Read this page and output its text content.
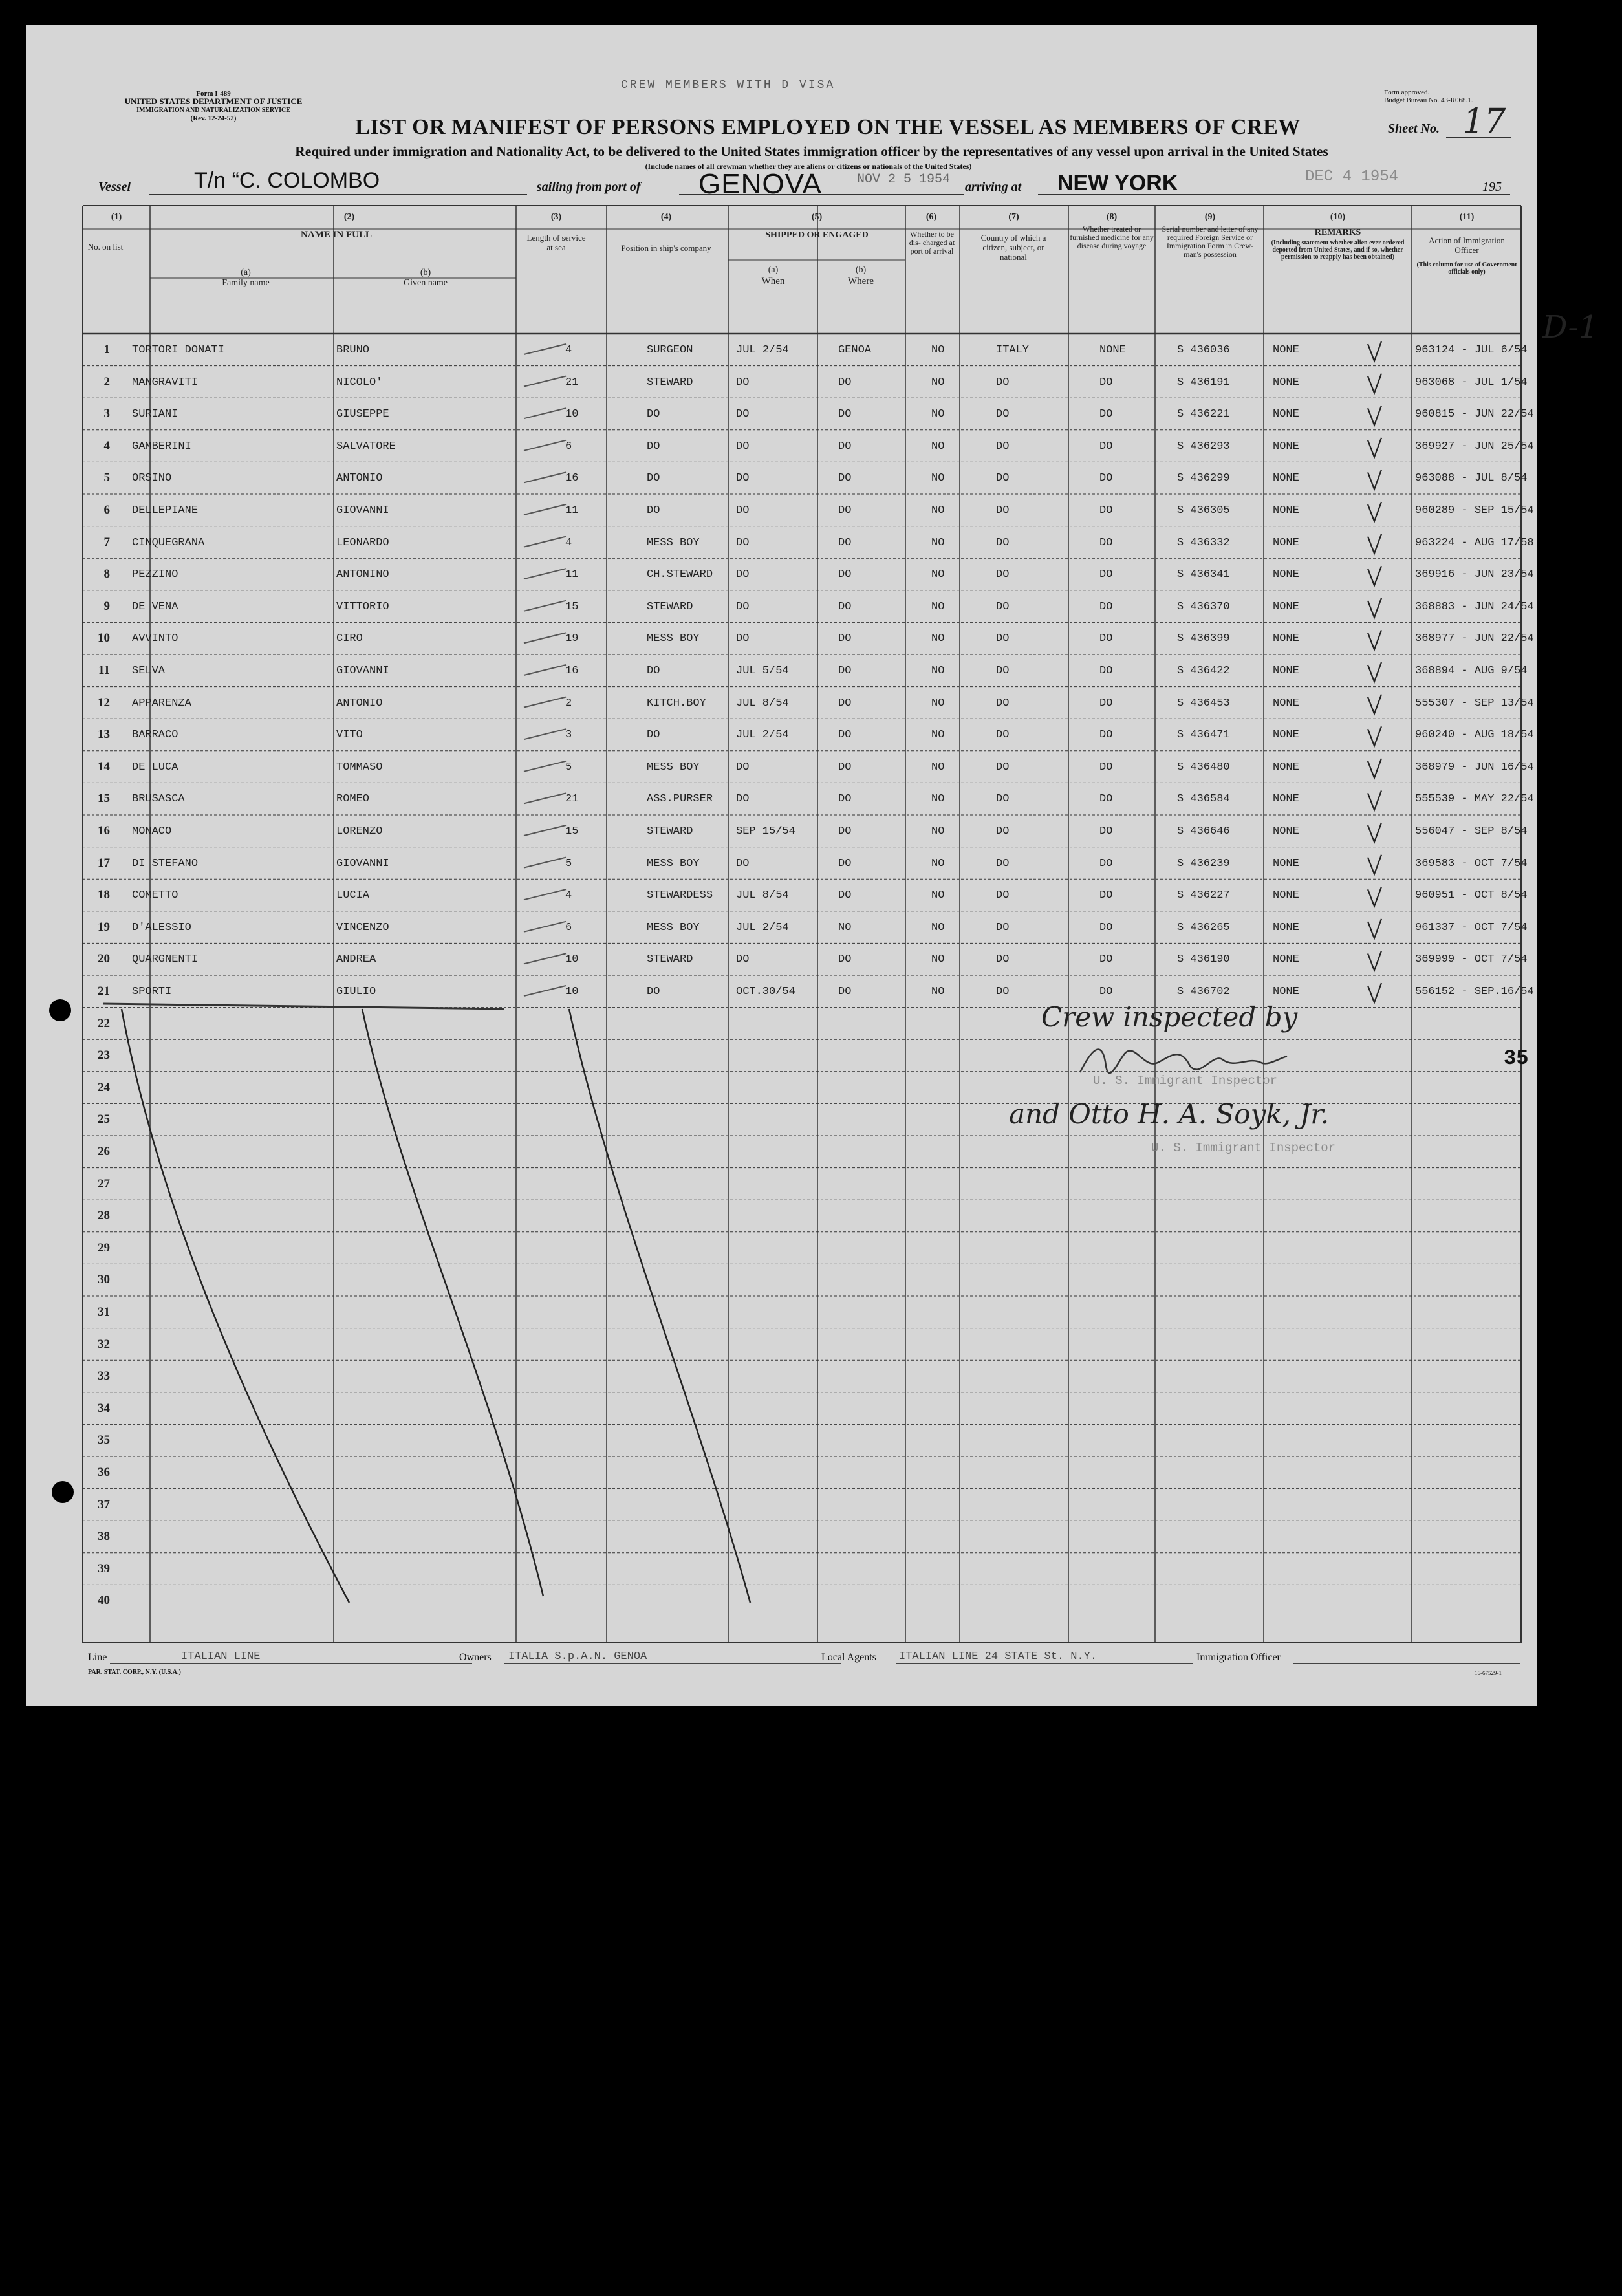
Form I-489
UNITED STATES DEPARTMENT OF JUSTICE
IMMIGRATION AND NATURALIZATION SERVICE
(Rev. 12-24-52)
Form approved.
Budget Bureau No. 43-R068.1.
CREW MEMBERS WITH D VISA
LIST OR MANIFEST OF PERSONS EMPLOYED ON THE VESSEL AS MEMBERS OF CREW	Sheet No. 17
Required under immigration and Nationality Act, to be delivered to the United States immigration officer by the representatives of any vessel upon arrival in the United States
(Include names of all crewman whether they are aliens or citizens or nationals of the United States)
Vessel	T/n “C. COLOMBO	sailing from port of GENOVA	NOV 2 5 1954 arriving at NEW YORK	DEC 4 1954
195
(1)	(2)	(3)	(4)	(5)	(6)	(7)	(8)	(9)	(10)	(11)
No. on list
NAME IN FULL
(a)
Family name
(b)
Given name
Length of service at sea	Position in ship's company
SHIPPED OR ENGAGED
(a)
When
(b)
Where
Whether to be dis- charged at port of arrival
Country of which a citizen, subject, or national
Whether treated or furnished medicine for any disease during voyage
Serial number and letter of any required Foreign Service or Immigration Form in Crew- man's possession
REMARKS
(Including statement whether alien ever ordered deported from United States, and if so, whether permission to reapply has been obtained)
Action of Immigration Officer
(This column for use of Government officials only)
1 TORTORI DONATI	BRUNO	4	SURGEON	JUL 2/54	GENOA	NO	ITALY	NONE	S 436036	NONE	963124 - JUL 6/54
2 MANGRAVITI	NICOLO'	21	STEWARD	DO	DO	NO	DO	DO	S 436191	NONE	963068 - JUL 1/54
3 SURIANI	GIUSEPPE	10	DO	DO	DO	NO	DO	DO	S 436221	NONE	960815 - JUN 22/54
4 GAMBERINI	SALVATORE	6	DO	DO	DO	NO	DO	DO	S 436293	NONE	369927 - JUN 25/54
5 ORSINO	ANTONIO	16	DO	DO	DO	NO	DO	DO	S 436299	NONE	963088 - JUL 8/54
6 DELLEPIANE	GIOVANNI	11	DO	DO	DO	NO	DO	DO	S 436305	NONE	960289 - SEP 15/54
7 CINQUEGRANA	LEONARDO	4	MESS BOY	DO	DO	NO	DO	DO	S 436332	NONE	963224 - AUG 17/58
8 PEZZINO	ANTONINO	11	CH.STEWARD DO	DO	NO	DO	DO	S 436341	NONE	369916 - JUN 23/54
9 DE VENA	VITTORIO	15	STEWARD	DO	DO	NO	DO	DO	S 436370	NONE	368883 - JUN 24/54
10 AVVINTO	CIRO	19	MESS BOY	DO	DO	NO	DO	DO	S 436399	NONE	368977 - JUN 22/54
11 SELVA	GIOVANNI	16	DO	JUL 5/54	DO	NO	DO	DO	S 436422	NONE	368894 - AUG 9/54
12 APPARENZA	ANTONIO	2	KITCH.BOY	JUL 8/54	DO	NO	DO	DO	S 436453	NONE	555307 - SEP 13/54
13 BARRACO	VITO	3	DO	JUL 2/54	DO	NO	DO	DO	S 436471	NONE	960240 - AUG 18/54
14 DE LUCA	TOMMASO	5	MESS BOY	DO	DO	NO	DO	DO	S 436480	NONE	368979 - JUN 16/54
15 BRUSASCA	ROMEO	21	ASS.PURSER DO	DO	NO	DO	DO	S 436584	NONE	555539 - MAY 22/54
16 MONACO	LORENZO	15	STEWARD	SEP 15/54	DO	NO	DO	DO	S 436646	NONE	556047 - SEP 8/54
17 DI STEFANO	GIOVANNI	5	MESS BOY	DO	DO	NO	DO	DO	S 436239	NONE	369583 - OCT 7/54
18 COMETTO	LUCIA	4	STEWARDESS JUL 8/54	DO	NO	DO	DO	S 436227	NONE	960951 - OCT 8/54
19 D'ALESSIO	VINCENZO	6	MESS BOY	JUL 2/54	NO	NO	DO	DO	S 436265	NONE	961337 - OCT 7/54
20 QUARGNENTI	ANDREA	10	STEWARD	DO	DO	NO	DO	DO	S 436190	NONE	369999 - OCT 7/54
21 SPORTI	GIULIO	10	DO	OCT.30/54	DO	NO	DO	DO	S 436702	NONE	556152 - SEP.16/54
22
23
24
25
26
27
28
29
30
31
32
33
34
35
36
37
38
39
40
D-1
Crew inspected by
35
U. S. Immigrant Inspector
and Otto H. A. Soyk, Jr.
U. S. Immigrant Inspector
Line	ITALIAN LINE	Owners ITALIA S.p.A.N. GENOA	Local Agents ITALIAN LINE 24 STATE St. N.Y.	Immigration Officer
PAR. STAT. CORP., N.Y. (U.S.A.)	16-67529-1
